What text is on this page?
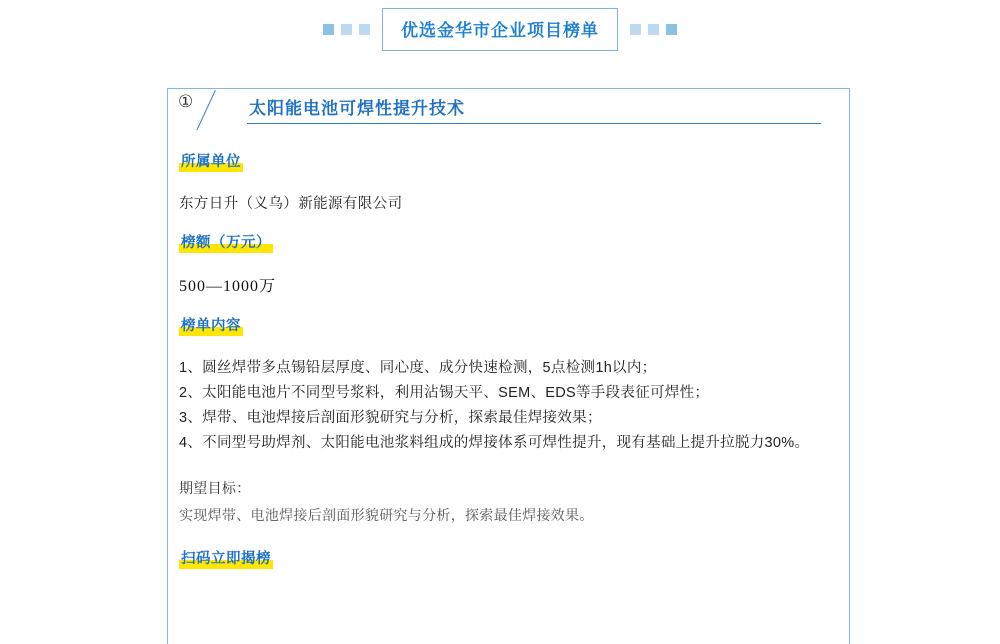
优选金华市企业项目榜单
①	太阳能电池可焊性提升技术
所属单位
东方日升（义乌）新能源有限公司
榜额（万元）
500—1000万
榜单内容
1、圆丝焊带多点锡铅层厚度、同心度、成分快速检测，5点检测1h以内；
2、太阳能电池片不同型号浆料，利用沾锡天平、SEM、EDS等手段表征可焊性；
3、焊带、电池焊接后剖面形貌研究与分析，探索最佳焊接效果；
4、不同型号助焊剂、太阳能电池浆料组成的焊接体系可焊性提升，现有基础上提升拉脱力30%。
期望目标：
实现焊带、电池焊接后剖面形貌研究与分析，探索最佳焊接效果。
扫码立即揭榜
